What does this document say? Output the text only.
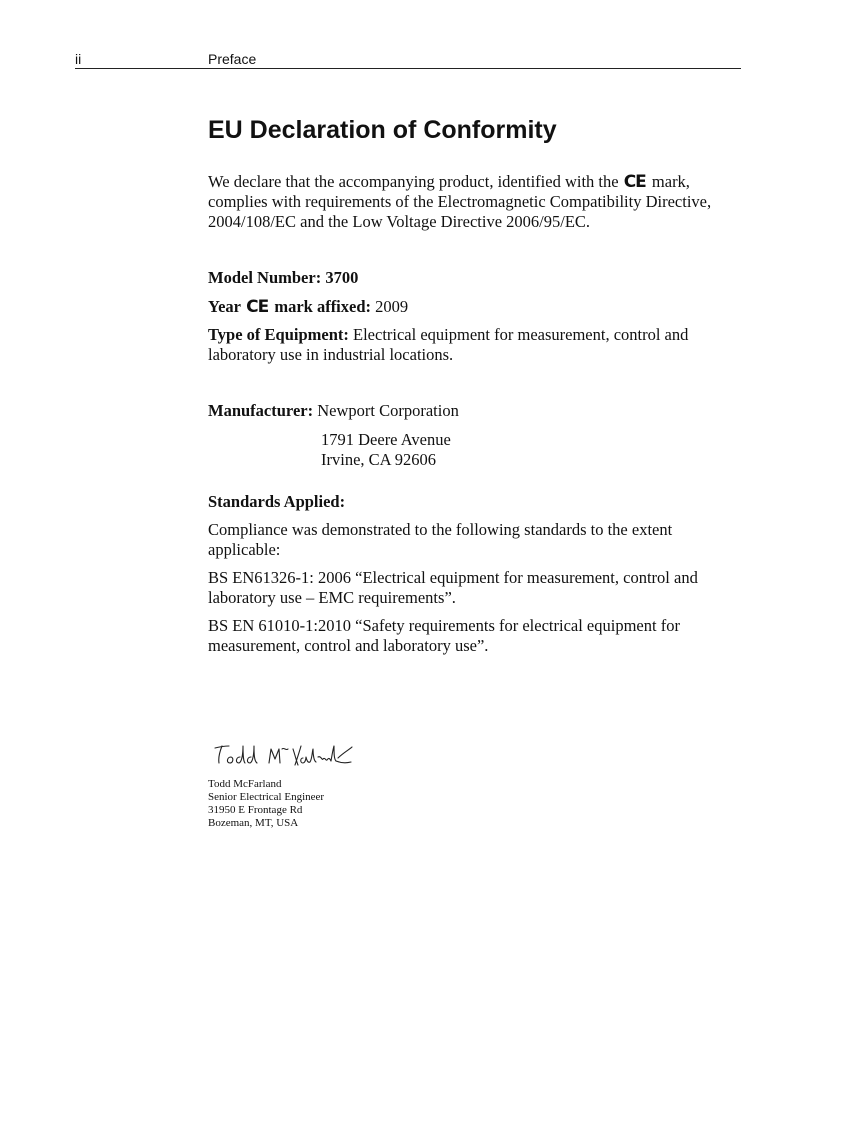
ii	Preface
EU Declaration of Conformity

We declare that the accompanying product, identified with the CE mark, complies with requirements of the Electromagnetic Compatibility Directive, 2004/108/EC and the Low Voltage Directive 2006/95/EC.

Model Number: 3700

Year CE mark affixed: 2009

Type of Equipment: Electrical equipment for measurement, control and laboratory use in industrial locations.

Manufacturer: Newport Corporation

1791 Deere Avenue
Irvine, CA 92606

Standards Applied:

Compliance was demonstrated to the following standards to the extent applicable:

BS EN61326-1: 2006 “Electrical equipment for measurement, control and laboratory use – EMC requirements”.

BS EN 61010-1:2010 “Safety requirements for electrical equipment for measurement, control and laboratory use”.

Todd McFarland
Senior Electrical Engineer
31950 E Frontage Rd
Bozeman, MT, USA
